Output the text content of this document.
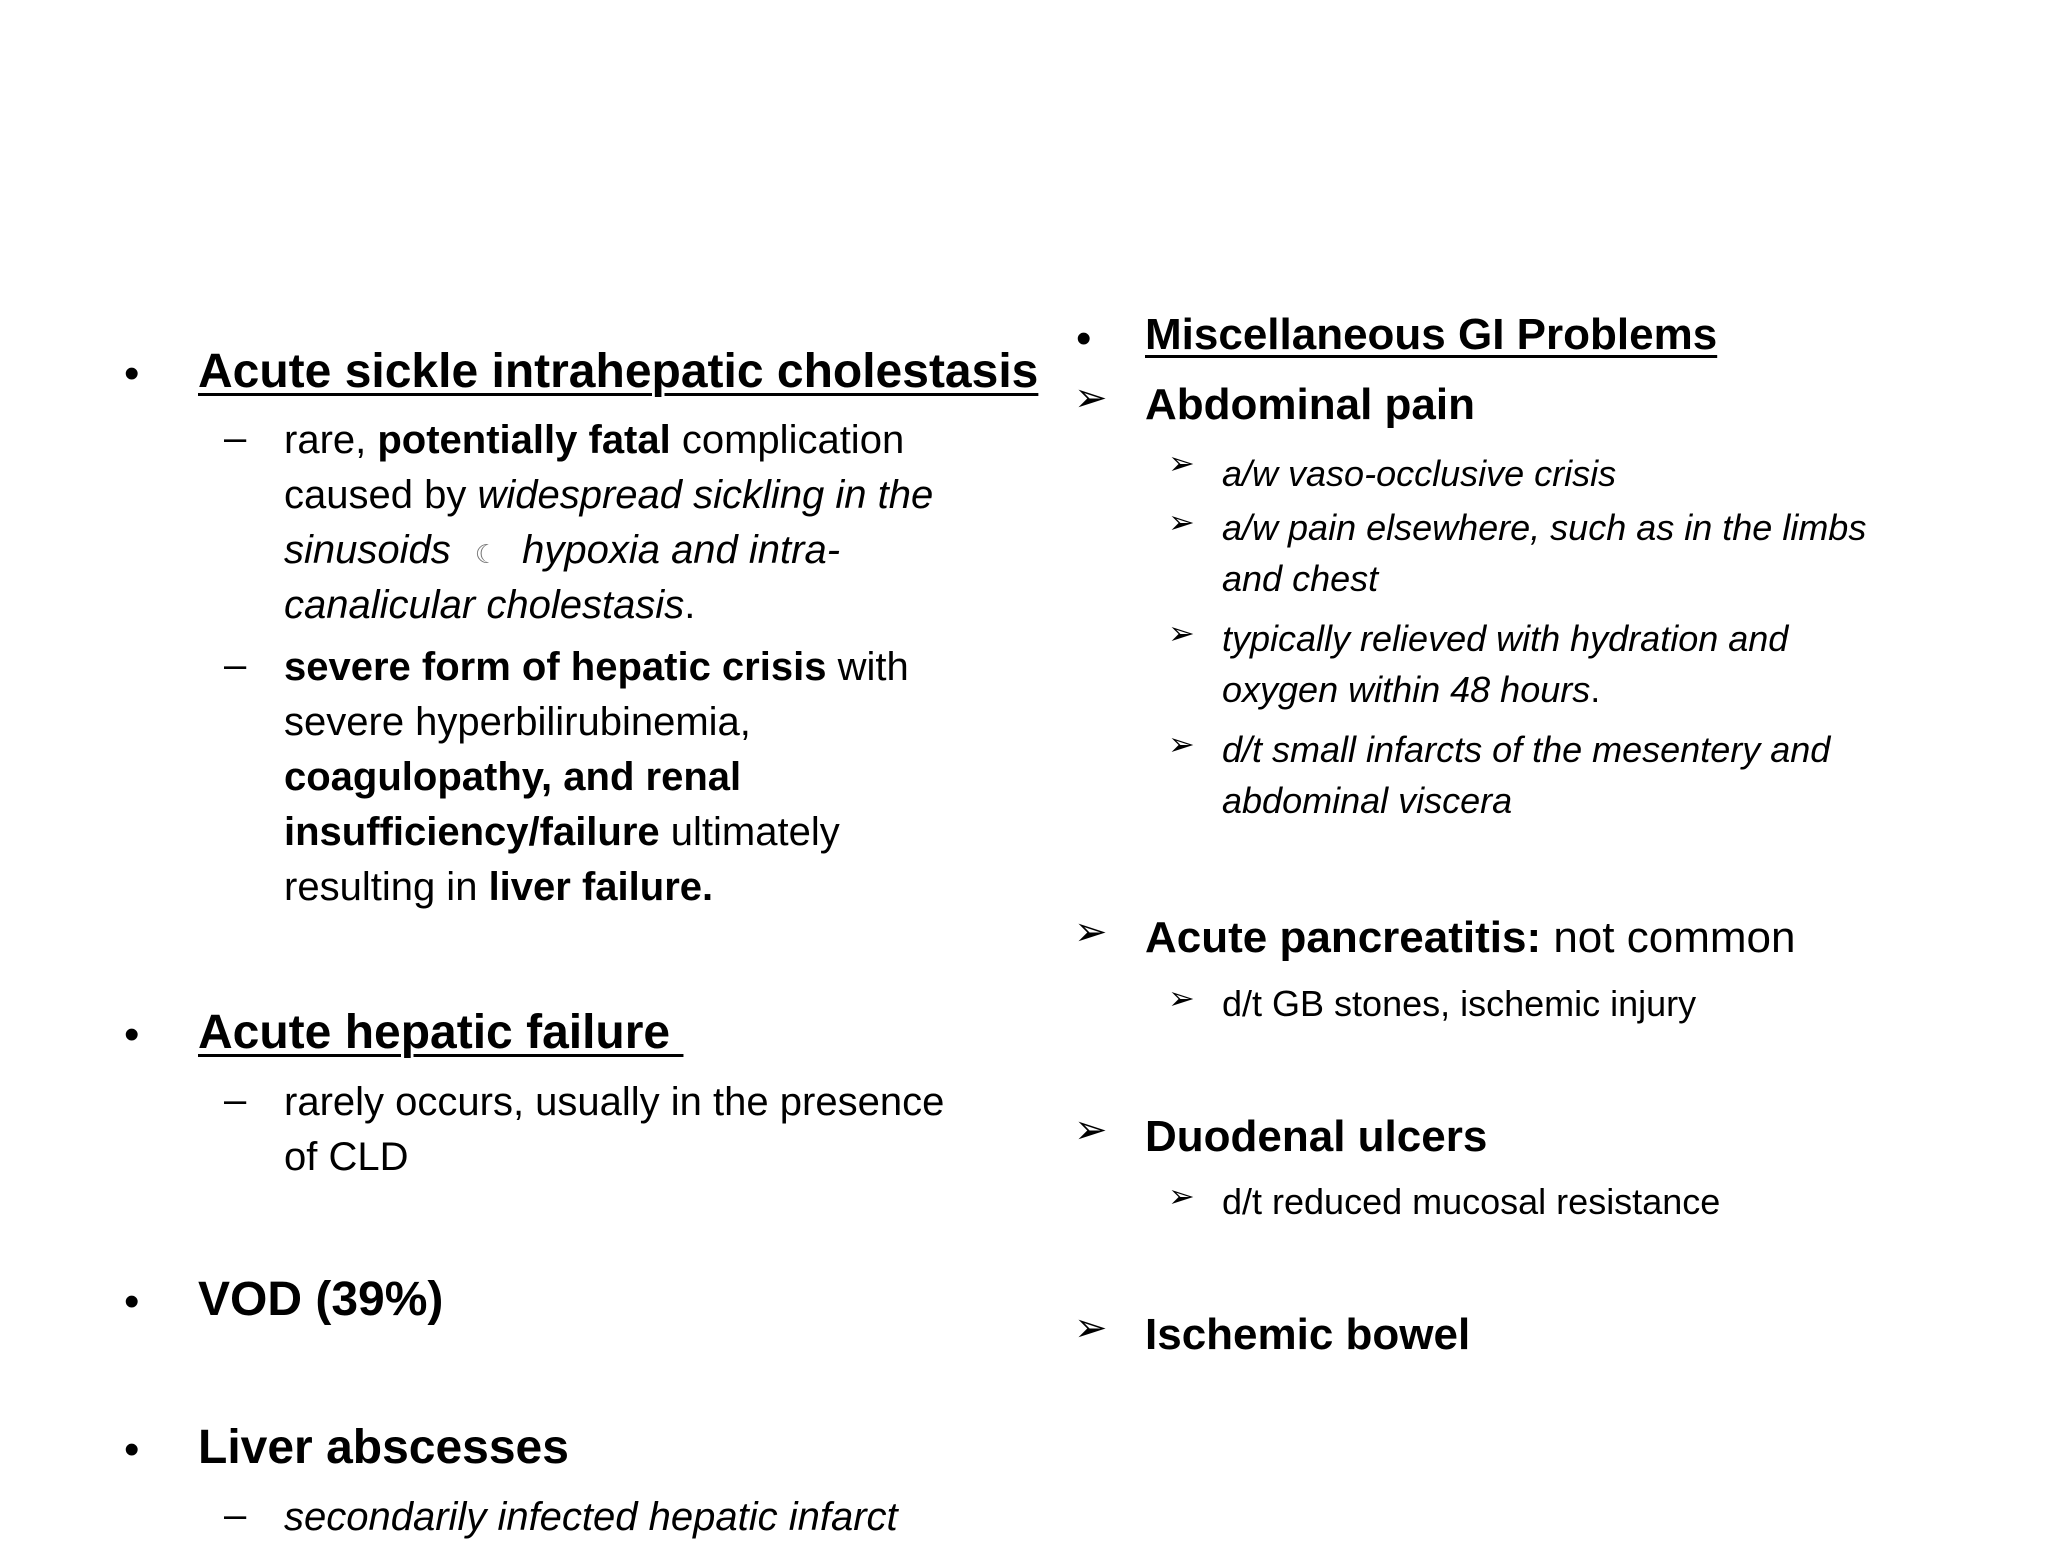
• Acute sickle intrahepatic cholestasis
– rare, potentially fatal complication
caused by widespread sickling in the
sinusoids ☾ hypoxia and intra-
canalicular cholestasis.
– severe form of hepatic crisis with
severe hyperbilirubinemia,
coagulopathy, and renal
insufficiency/failure ultimately
resulting in liver failure.
• Acute hepatic failure
– rarely occurs, usually in the presence
of CLD
• VOD (39%)
• Liver abscesses
– secondarily infected hepatic infarct
• Miscellaneous GI Problems
➢ Abdominal pain
➢ a/w vaso-occlusive crisis
➢ a/w pain elsewhere, such as in the limbs
and chest
➢ typically relieved with hydration and
oxygen within 48 hours.
➢ d/t small infarcts of the mesentery and
abdominal viscera
➢ Acute pancreatitis: not common
➢ d/t GB stones, ischemic injury
➢ Duodenal ulcers
➢ d/t reduced mucosal resistance
➢ Ischemic bowel
